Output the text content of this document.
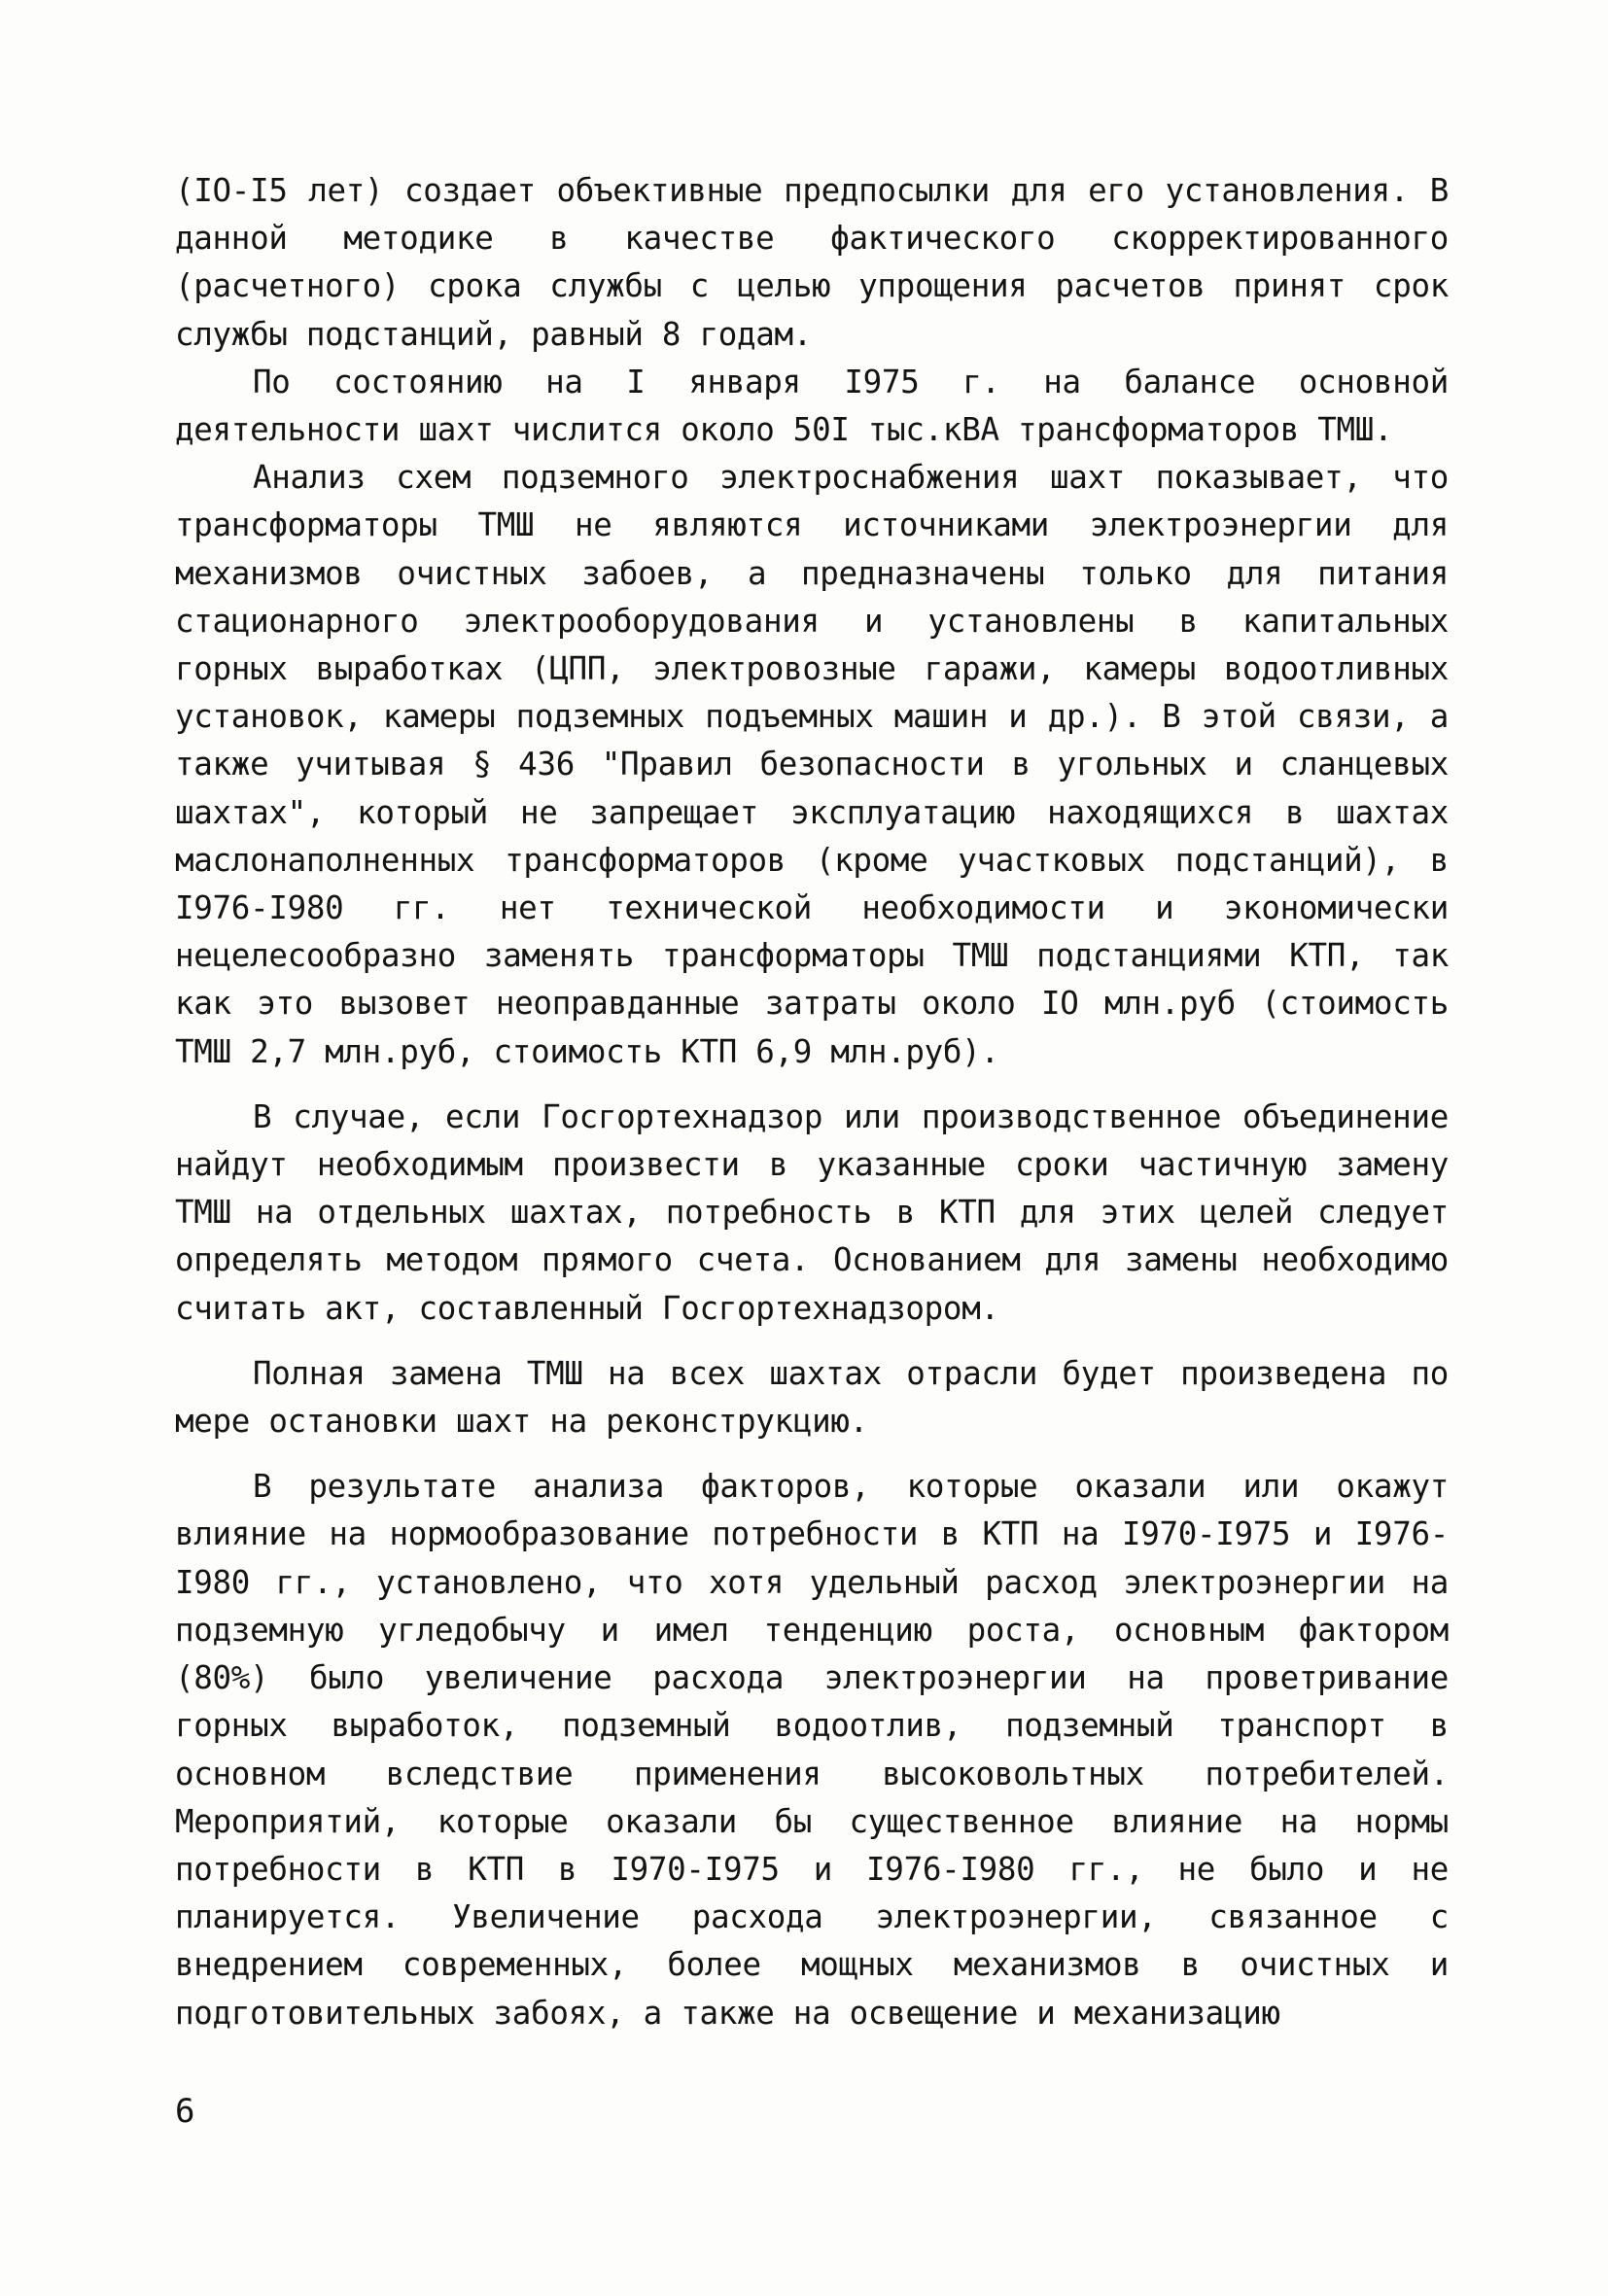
(IO-I5 лет) создает объективные предпосылки для его установления. В данной методике в качестве фактического скорректированного (расчетного) срока службы с целью упрощения расчетов принят срок службы подстанций, равный 8 годам.

По состоянию на I января I975 г. на балансе основной деятельности шахт числится около 50I тыс.кВА трансформаторов ТМШ.

Анализ схем подземного электроснабжения шахт показывает, что трансформаторы ТМШ не являются источниками электроэнергии для механизмов очистных забоев, а предназначены только для питания стационарного электрооборудования и установлены в капитальных горных выработках (ЦПП, электровозные гаражи, камеры водоотливных установок, камеры подземных подъемных машин и др.). В этой связи, а также учитывая § 436 "Правил безопасности в угольных и сланцевых шахтах", который не запрещает эксплуатацию находящихся в шахтах маслонаполненных трансформаторов (кроме участковых подстанций), в I976-I980 гг. нет технической необходимости и экономически нецелесообразно заменять трансформаторы ТМШ подстанциями КТП, так как это вызовет неоправданные затраты около IO млн.руб (стоимость ТМШ 2,7 млн.руб, стоимость КТП 6,9 млн.руб).

В случае, если Госгортехнадзор или производственное объединение найдут необходимым произвести в указанные сроки частичную замену ТМШ на отдельных шахтах, потребность в КТП для этих целей следует определять методом прямого счета. Основанием для замены необходимо считать акт, составленный Госгортехнадзором.

Полная замена ТМШ на всех шахтах отрасли будет произведена по мере остановки шахт на реконструкцию.

В результате анализа факторов, которые оказали или окажут влияние на нормообразование потребности в КТП на I970-I975 и I976-I980 гг., установлено, что хотя удельный расход электроэнергии на подземную угледобычу и имел тенденцию роста, основным фактором (80%) было увеличение расхода электроэнергии на проветривание горных выработок, подземный водоотлив, подземный транспорт в основном вследствие применения высоковольтных потребителей. Мероприятий, которые оказали бы существенное влияние на нормы потребности в КТП в I970-I975 и I976-I980 гг., не было и не планируется. Увеличение расхода электроэнергии, связанное с внедрением современных, более мощных механизмов в очистных и подготовительных забоях, а также на освещение и механизацию

6
